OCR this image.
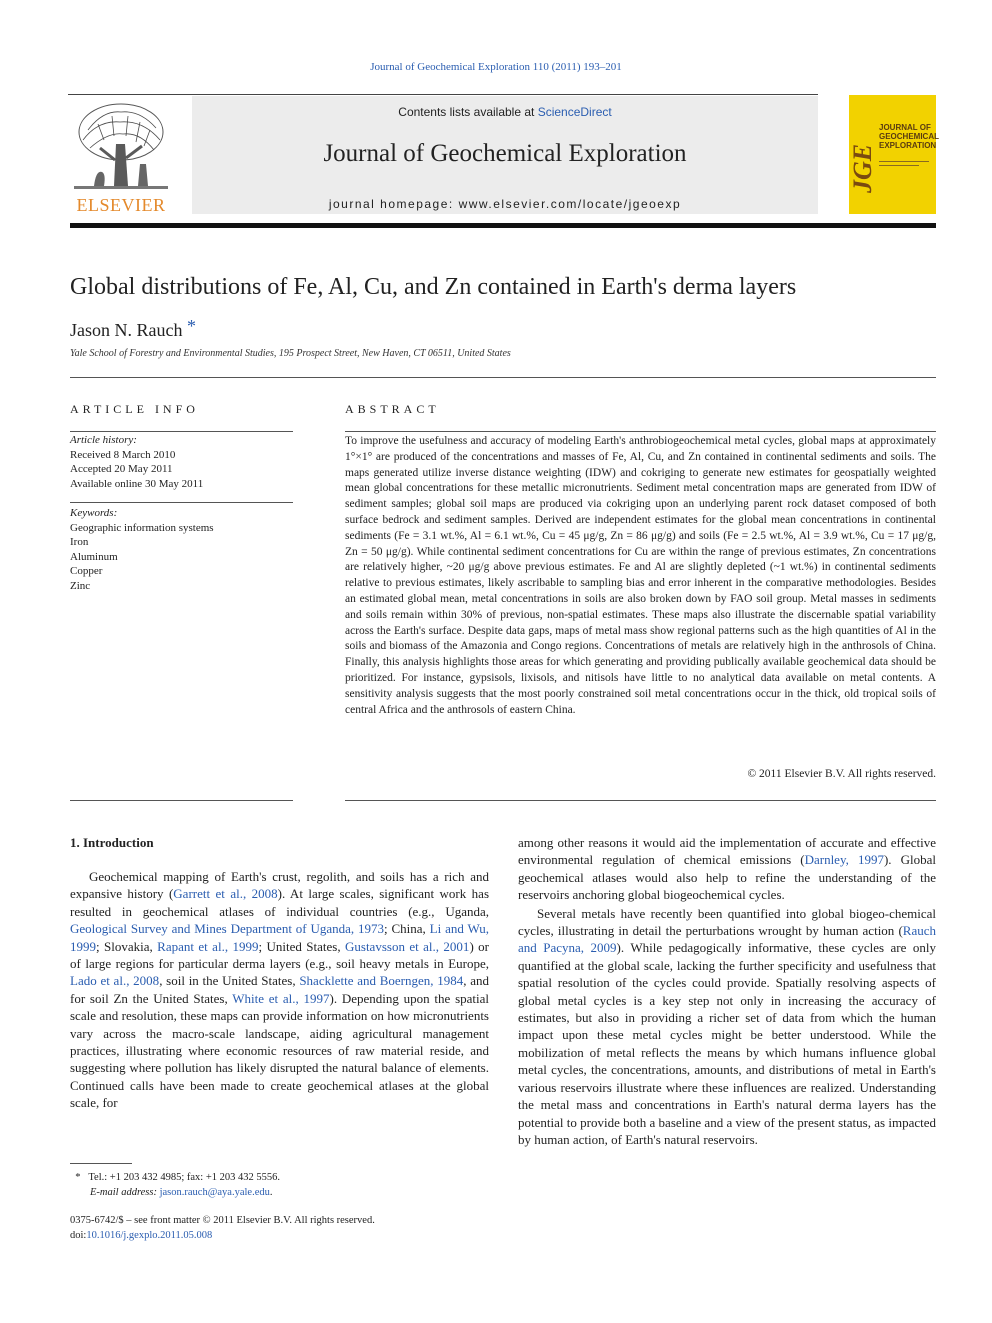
Journal of Geochemical Exploration 110 (2011) 193–201
ELSEVIER
Contents lists available at ScienceDirect
Journal of Geochemical Exploration
journal homepage: www.elsevier.com/locate/jgeoexp
JGE
JOURNAL OF
GEOCHEMICAL
EXPLORATION
Global distributions of Fe, Al, Cu, and Zn contained in Earth's derma layers
Jason N. Rauch *
Yale School of Forestry and Environmental Studies, 195 Prospect Street, New Haven, CT 06511, United States
ARTICLE INFO
Article history:
Received 8 March 2010
Accepted 20 May 2011
Available online 30 May 2011
Keywords:
Geographic information systems
Iron
Aluminum
Copper
Zinc
ABSTRACT

To improve the usefulness and accuracy of modeling Earth's anthrobiogeochemical metal cycles, global maps at approximately 1°×1° are produced of the concentrations and masses of Fe, Al, Cu, and Zn contained in continental sediments and soils. The maps generated utilize inverse distance weighting (IDW) and cokriging to generate new estimates for geospatially weighted mean global concentrations for these metallic micronutrients. Sediment metal concentration maps are generated from IDW of sediment samples; global soil maps are produced via cokriging upon an underlying parent rock dataset composed of both surface bedrock and sediment samples. Derived are independent estimates for the global mean concentrations in continental sediments (Fe = 3.1 wt.%, Al = 6.1 wt.%, Cu = 45 μg/g, Zn = 86 μg/g) and soils (Fe = 2.5 wt.%, Al = 3.9 wt.%, Cu = 17 μg/g, Zn = 50 μg/g). While continental sediment concentrations for Cu are within the range of previous estimates, Zn concentrations are relatively higher, ~20 μg/g above previous estimates. Fe and Al are slightly depleted (~1 wt.%) in continental sediments relative to previous estimates, likely ascribable to sampling bias and error inherent in the comparative methodologies. Besides an estimated global mean, metal concentrations in soils are also broken down by FAO soil group. Metal masses in sediments and soils remain within 30% of previous, non-spatial estimates. These maps also illustrate the discernable spatial variability across the Earth's surface. Despite data gaps, maps of metal mass show regional patterns such as the high quantities of Al in the soils and biomass of the Amazonia and Congo regions. Concentrations of metals are relatively high in the anthrosols of China. Finally, this analysis highlights those areas for which generating and providing publically available geochemical data should be prioritized. For instance, gypsisols, lixisols, and nitisols have little to no analytical data available on metal contents. A sensitivity analysis suggests that the most poorly constrained soil metal concentrations occur in the thick, old tropical soils of central Africa and the anthrosols of eastern China.

© 2011 Elsevier B.V. All rights reserved.
1. Introduction

Geochemical mapping of Earth's crust, regolith, and soils has a rich and expansive history (Garrett et al., 2008). At large scales, significant work has resulted in geochemical atlases of individual countries (e.g., Uganda, Geological Survey and Mines Department of Uganda, 1973; China, Li and Wu, 1999; Slovakia, Rapant et al., 1999; United States, Gustavsson et al., 2001) or of large regions for particular derma layers (e.g., soil heavy metals in Europe, Lado et al., 2008, soil in the United States, Shacklette and Boerngen, 1984, and for soil Zn the United States, White et al., 1997). Depending upon the spatial scale and resolution, these maps can provide information on how micronutrients vary across the macro-scale landscape, aiding agricultural management practices, illustrating where economic resources of raw material reside, and suggesting where pollution has likely disrupted the natural balance of elements. Continued calls have been made to create geochemical atlases at the global scale, for

among other reasons it would aid the implementation of accurate and effective environmental regulation of chemical emissions (Darnley, 1997). Global geochemical atlases would also help to refine the understanding of the reservoirs anchoring global biogeochemical cycles.

Several metals have recently been quantified into global biogeo-chemical cycles, illustrating in detail the perturbations wrought by human action (Rauch and Pacyna, 2009). While pedagogically informative, these cycles are only quantified at the global scale, lacking the further specificity and usefulness that spatial resolution of the cycles could provide. Spatially resolving aspects of global metal cycles is a key step not only in increasing the accuracy of estimates, but also in providing a richer set of data from which the human impact upon these metal cycles might be better understood. While the mobilization of metal reflects the means by which humans influence global metal cycles, the concentrations, amounts, and distributions of metal in Earth's various reservoirs illustrate where these influences are realized. Understanding the metal mass and concentrations in Earth's natural derma layers has the potential to provide both a baseline and a view of the present status, as impacted by human action, of Earth's natural reservoirs.

* Tel.: +1 203 432 4985; fax: +1 203 432 5556.
E-mail address: jason.rauch@aya.yale.edu.
0375-6742/$ – see front matter © 2011 Elsevier B.V. All rights reserved.
doi:10.1016/j.gexplo.2011.05.008
